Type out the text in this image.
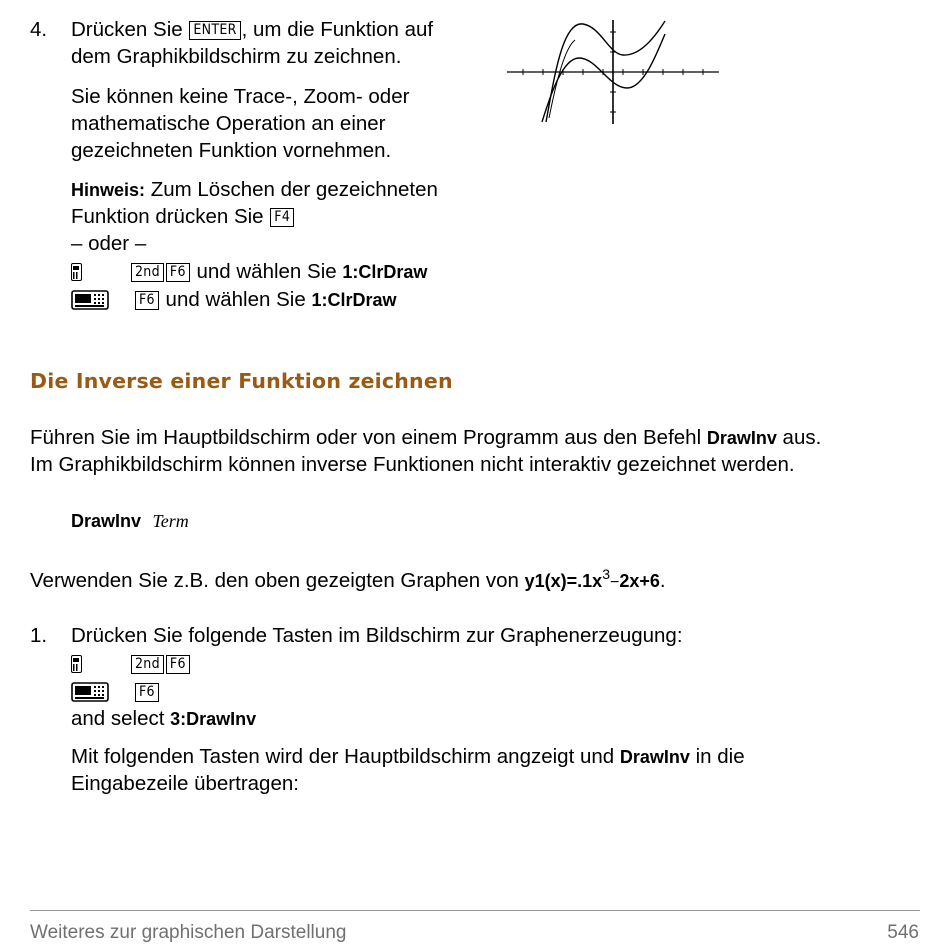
4. Drücken Sie ENTER , um die Funktion auf
dem Graphikbildschirm zu zeichnen.
Sie können keine Trace-, Zoom- oder
mathematische Operation an einer
gezeichneten Funktion vornehmen.
Hinweis: Zum Löschen der gezeichneten
Funktion drücken Sie F4
– oder –
2nd F6 und wählen Sie 1:ClrDraw
F6 und wählen Sie 1:ClrDraw
Die Inverse einer Funktion zeichnen
Führen Sie im Hauptbildschirm oder von einem Programm aus den Befehl DrawInv aus.
Im Graphikbildschirm können inverse Funktionen nicht interaktiv gezeichnet werden.
DrawInv Term
Verwenden Sie z.B. den oben gezeigten Graphen von $y1(x)=.1x^3-2x+6$.
1. Drücken Sie folgende Tasten im Bildschirm zur Graphenerzeugung:
2nd F6
F6
and select 3:DrawInv
Mit folgenden Tasten wird der Hauptbildschirm angzeigt und DrawInv in die
Eingabezeile übertragen:
Weiteres zur graphischen Darstellung	546
